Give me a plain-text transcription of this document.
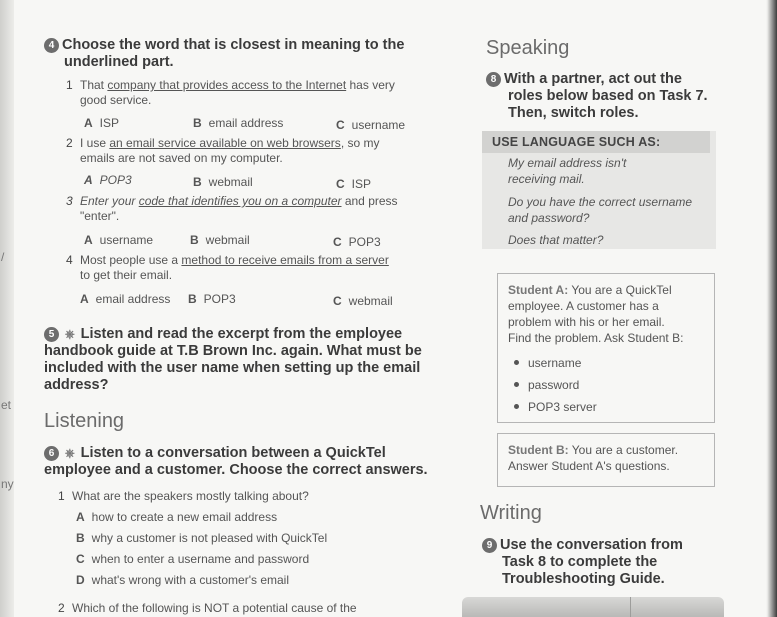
/
et
ny
4 Choose the word that is closest in meaning to the
underlined part.
1 That company that provides access to the Internet has very
good service.
A ISP	B email address	C username
2 I use an email service available on web browsers, so my
emails are not saved on my computer.
A POP3	B webmail	C ISP
3 Enter your code that identifies you on a computer and press
"enter".
A username	B webmail	C POP3
4 Most people use a method to receive emails from a server
to get their email.
A email address B POP3	C webmail
5 ⎈ Listen and read the excerpt from the employee
handbook guide at T.B Brown Inc. again. What must be
included with the user name when setting up the email
address?
Listening
6 ⎈ Listen to a conversation between a QuickTel
employee and a customer. Choose the correct answers.
1 What are the speakers mostly talking about?
A how to create a new email address
B why a customer is not pleased with QuickTel
C when to enter a username and password
D what's wrong with a customer's email
2 Which of the following is NOT a potential cause of the
Speaking
8 With a partner, act out the
roles below based on Task 7.
Then, switch roles.
USE LANGUAGE SUCH AS:
My email address isn't
receiving mail.
Do you have the correct username
and password?
Does that matter?
Student A: You are a QuickTel
employee. A customer has a
problem with his or her email.
Find the problem. Ask Student B:
username
password
POP3 server
Student B: You are a customer.
Answer Student A's questions.
Writing
9 Use the conversation from
Task 8 to complete the
Troubleshooting Guide.
